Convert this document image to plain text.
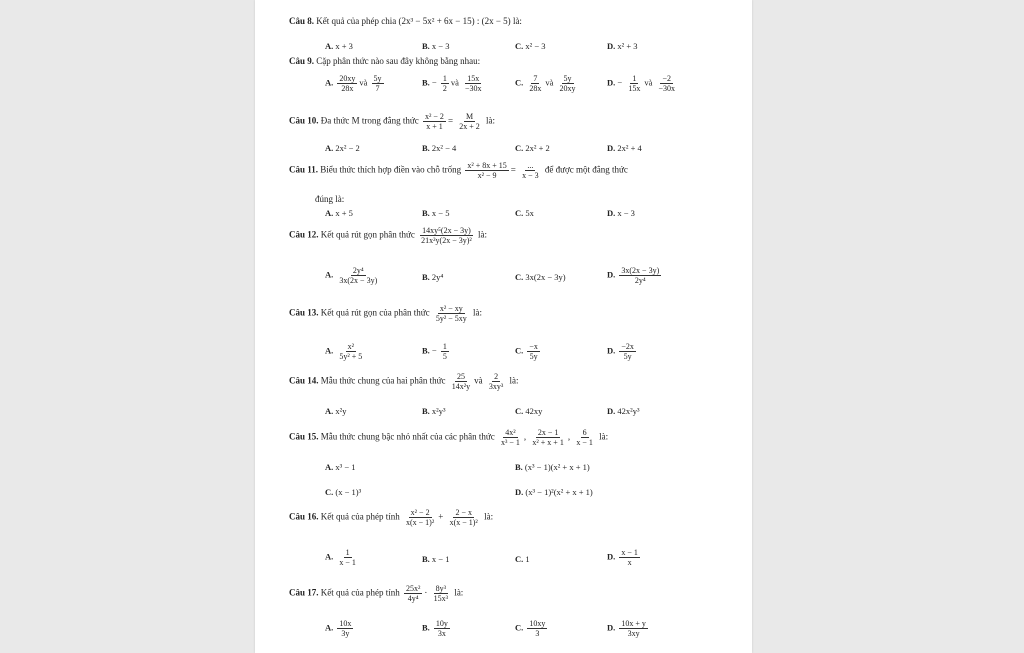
Câu 8. Kết quả của phép chia (2x³ − 5x² + 6x − 15) : (2x − 5) là:
A. x + 3	B. x − 3	C. x² − 3	D. x² + 3
Câu 9. Cặp phân thức nào sau đây không bằng nhau:
A. $\frac{20xy}{28x}$ và $\frac{5y}{7}$	B. − $\frac{1}{2}$ và $\frac{15x}{-30x}$	C. $\frac{7}{28x}$ và $\frac{5y}{20xy}$	D. − $\frac{1}{15x}$ và $\frac{-2}{-30x}$
Câu 10. Đa thức M trong đẳng thức $\frac{\text{x² − 2}}{x + 1} = \frac{M}{2x + 2}$ là:
A. 2x² − 2	B. 2x² − 4	C. 2x² + 2	D. 2x² + 4
Câu 11. Biểu thức thích hợp điền vào chỗ trống $\frac{\text{x² + 8x + 15}}{\text{x² − 9}} = \frac{...}{x - 3}$ để được một đẳng thức
đúng là:
A. x + 5	B. x − 5	C. 5x	D. x − 3
Câu 12. Kết quả rút gọn phân thức $\frac{\text{14xy⁵(2x − 3y)}}{\text{21x²y(2x − 3y)²}}$ là:
A. $\frac{\text{2y⁴}}{3x(2x - 3y)}$	B. 2y⁴	C. 3x(2x − 3y)	D. $\frac{3x(2x - 3y)}{\text{2y⁴}}$
Câu 13. Kết quả rút gọn của phân thức $\frac{\text{x² − xy}}{\text{5y² − 5xy}}$ là:
A. $\frac{\text{x²}}{\text{5y² + 5}}$	B. − $\frac{1}{5}$	C. $\frac{-x}{5y}$	D. $\frac{-2x}{5y}$
Câu 14. Mẫu thức chung của hai phân thức $\frac{25}{\text{14x²y}}$ và $\frac{2}{\text{3xy³}}$ là:
A. x²y	B. x²y³	C. 42xy	D. 42x²y³
Câu 15. Mẫu thức chung bậc nhỏ nhất của các phân thức $\frac{\text{4x²}}{\text{x³ − 1}}$ , $\frac{2x - 1}{\text{x² + x + 1}}$ , $\frac{6}{x - 1}$ là:
A. x³ − 1	B. (x³ − 1)(x² + x + 1)
C. (x − 1)³	D. (x³ − 1)²(x² + x + 1)
Câu 16. Kết quả của phép tính $\frac{\text{x² − 2}}{\text{x(x − 1)²}} + \frac{2 - x}{\text{x(x − 1)²}}$ là:
A. $\frac{1}{x - 1}$	B. x − 1	C. 1	D. $\frac{x - 1}{x}$
Câu 17. Kết quả của phép tính $\frac{\text{25x²}}{\text{4y⁴}} \cdot \frac{\text{8y³}}{\text{15x³}}$ là:
A. $\frac{10x}{3y}$	B. $\frac{10y}{3x}$	C. $\frac{10xy}{3}$	D. $\frac{10x + y}{3xy}$
